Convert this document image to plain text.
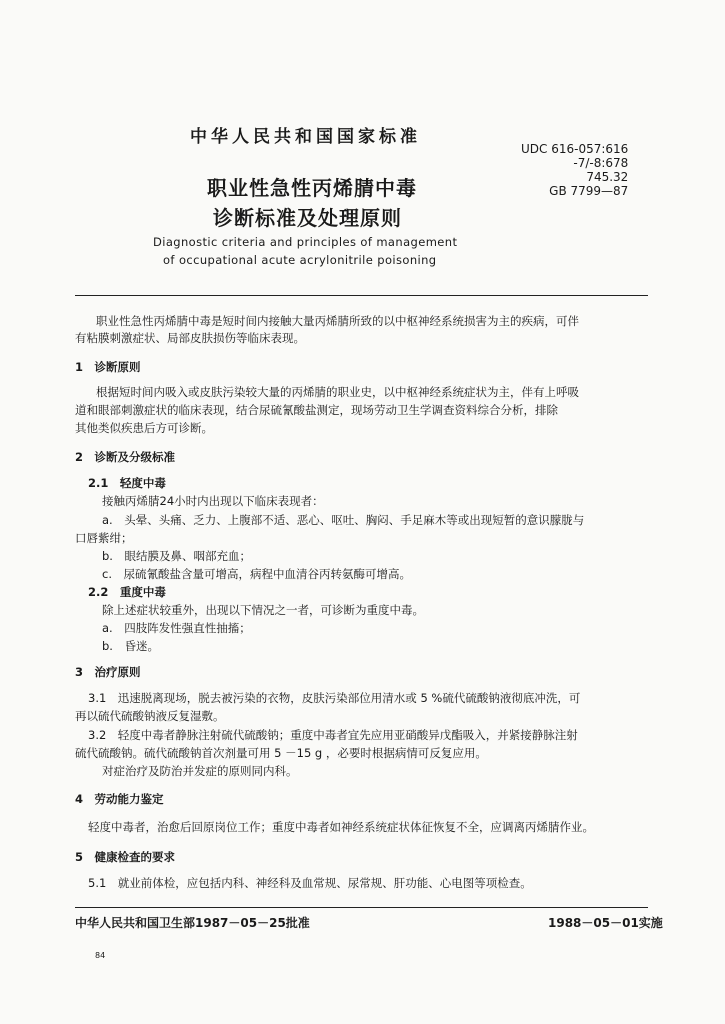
中华人民共和国国家标准
UDC 616-057:616
-7/-8:678
745.32
GB 7799—87
职业性急性丙烯腈中毒
诊断标准及处理原则
Diagnostic criteria and principles of management
of occupational acute acrylonitrile poisoning
职业性急性丙烯腈中毒是短时间内接触大量丙烯腈所致的以中枢神经系统损害为主的疾病，可伴
有粘膜刺激症状、局部皮肤损伤等临床表现。
1　诊断原则
根据短时间内吸入或皮肤污染较大量的丙烯腈的职业史，以中枢神经系统症状为主，伴有上呼吸
道和眼部刺激症状的临床表现，结合尿硫氰酸盐测定，现场劳动卫生学调查资料综合分析，排除
其他类似疾患后方可诊断。
2　诊断及分级标准
2.1　轻度中毒
接触丙烯腈24小时内出现以下临床表现者：
a.　头晕、头痛、乏力、上腹部不适、恶心、呕吐、胸闷、手足麻木等或出现短暂的意识朦胧与
口唇紫绀；
b.　眼结膜及鼻、咽部充血；
c.　尿硫氰酸盐含量可增高，病程中血清谷丙转氨酶可增高。
2.2　重度中毒
除上述症状较重外，出现以下情况之一者，可诊断为重度中毒。
a.　四肢阵发性强直性抽搐；
b.　昏迷。
3　治疗原则
3.1　迅速脱离现场，脱去被污染的衣物，皮肤污染部位用清水或 5 %硫代硫酸钠液彻底冲洗，可
再以硫代硫酸钠液反复湿敷。
3.2　轻度中毒者静脉注射硫代硫酸钠；重度中毒者宜先应用亚硝酸异戊酯吸入，并紧接静脉注射
硫代硫酸钠。硫代硫酸钠首次剂量可用 5 －15 g ，必要时根据病情可反复应用。
对症治疗及防治并发症的原则同内科。
4　劳动能力鉴定
轻度中毒者，治愈后回原岗位工作；重度中毒者如神经系统症状体征恢复不全，应调离丙烯腈作业。
5　健康检查的要求
5.1　就业前体检，应包括内科、神经科及血常规、尿常规、肝功能、心电图等项检查。
中华人民共和国卫生部1987－05－25批准	1988－05－01实施
84
